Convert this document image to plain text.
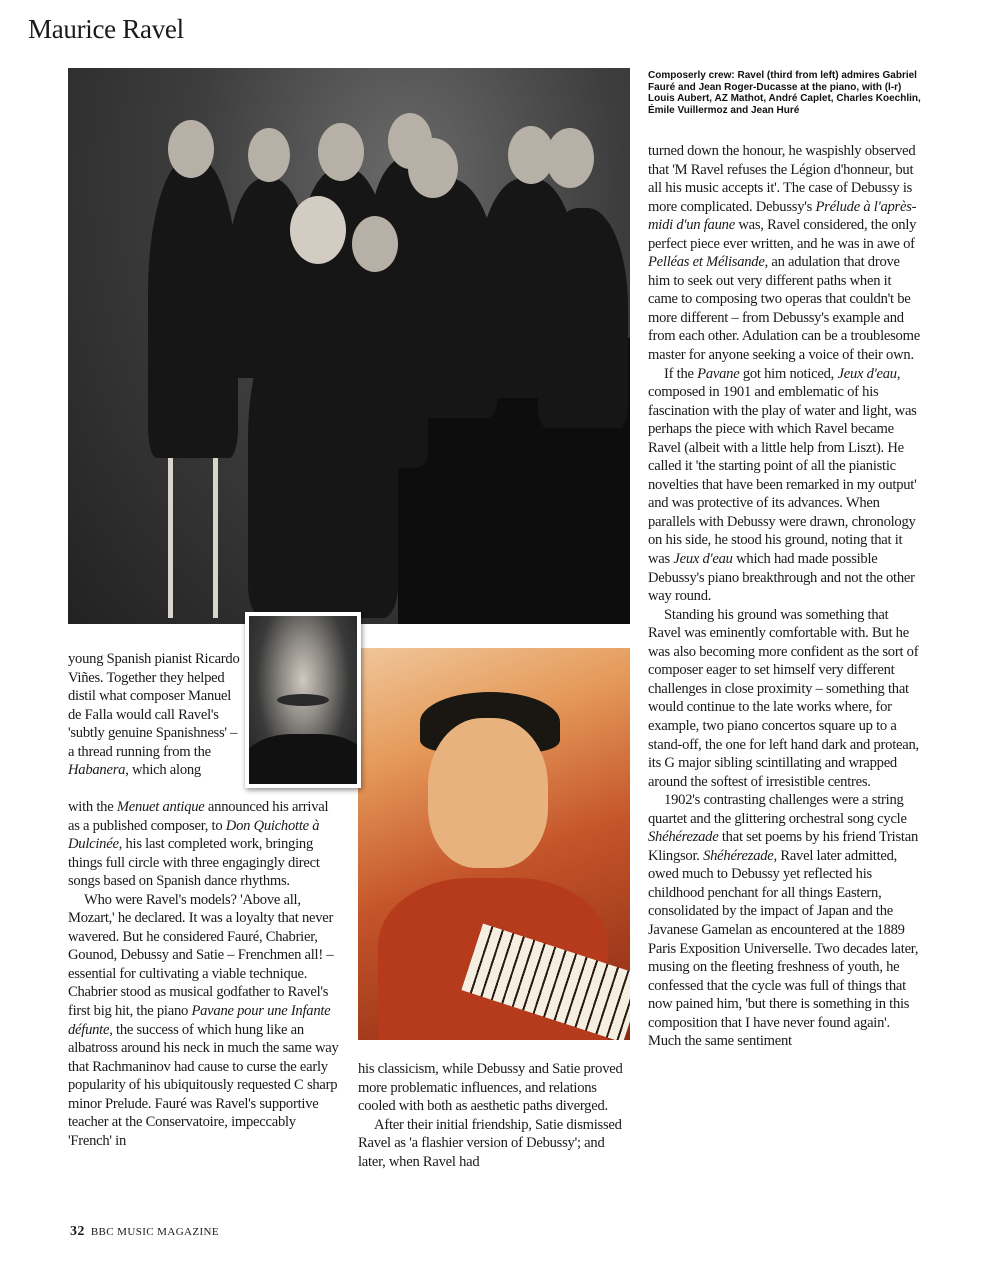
Maurice Ravel
Composerly crew: Ravel (third from left) admires Gabriel Fauré and Jean Roger-Ducasse at the piano, with (l-r) Louis Aubert, AZ Mathot, André Caplet, Charles Koechlin, Émile Vuillermoz and Jean Huré

young Spanish pianist Ricardo Viñes. Together they helped distil what composer Manuel de Falla would call Ravel's 'subtly genuine Spanishness' – a thread running from the Habanera, which along

with the Menuet antique announced his arrival as a published composer, to Don Quichotte à Dulcinée, his last completed work, bringing things full circle with three engagingly direct songs based on Spanish dance rhythms.

Who were Ravel's models? 'Above all, Mozart,' he declared. It was a loyalty that never wavered. But he considered Fauré, Chabrier, Gounod, Debussy and Satie – Frenchmen all! – essential for cultivating a viable technique. Chabrier stood as musical godfather to Ravel's first big hit, the piano Pavane pour une Infante défunte, the success of which hung like an albatross around his neck in much the same way that Rachmaninov had cause to curse the early popularity of his ubiquitously requested C sharp minor Prelude. Fauré was Ravel's supportive teacher at the Conservatoire, impeccably 'French' in

his classicism, while Debussy and Satie proved more problematic influences, and relations cooled with both as aesthetic paths diverged.

After their initial friendship, Satie dismissed Ravel as 'a flashier version of Debussy'; and later, when Ravel had

turned down the honour, he waspishly observed that 'M Ravel refuses the Légion d'honneur, but all his music accepts it'. The case of Debussy is more complicated. Debussy's Prélude à l'après-midi d'un faune was, Ravel considered, the only perfect piece ever written, and he was in awe of Pelléas et Mélisande, an adulation that drove him to seek out very different paths when it came to composing two operas that couldn't be more different – from Debussy's example and from each other. Adulation can be a troublesome master for anyone seeking a voice of their own.

If the Pavane got him noticed, Jeux d'eau, composed in 1901 and emblematic of his fascination with the play of water and light, was perhaps the piece with which Ravel became Ravel (albeit with a little help from Liszt). He called it 'the starting point of all the pianistic novelties that have been remarked in my output' and was protective of its advances. When parallels with Debussy were drawn, chronology on his side, he stood his ground, noting that it was Jeux d'eau which had made possible Debussy's piano breakthrough and not the other way round.

Standing his ground was something that Ravel was eminently comfortable with. But he was also becoming more confident as the sort of composer eager to set himself very different challenges in close proximity – something that would continue to the late works where, for example, two piano concertos square up to a stand-off, the one for left hand dark and protean, its G major sibling scintillating and wrapped around the softest of irresistible centres.

1902's contrasting challenges were a string quartet and the glittering orchestral song cycle Shéhérezade that set poems by his friend Tristan Klingsor. Shéhérezade, Ravel later admitted, owed much to Debussy yet reflected his childhood penchant for all things Eastern, consolidated by the impact of Japan and the Javanese Gamelan as encountered at the 1889 Paris Exposition Universelle. Two decades later, musing on the fleeting freshness of youth, he confessed that the cycle was full of things that now pained him, 'but there is something in this composition that I have never found again'. Much the same sentiment

32 BBC MUSIC MAGAZINE
